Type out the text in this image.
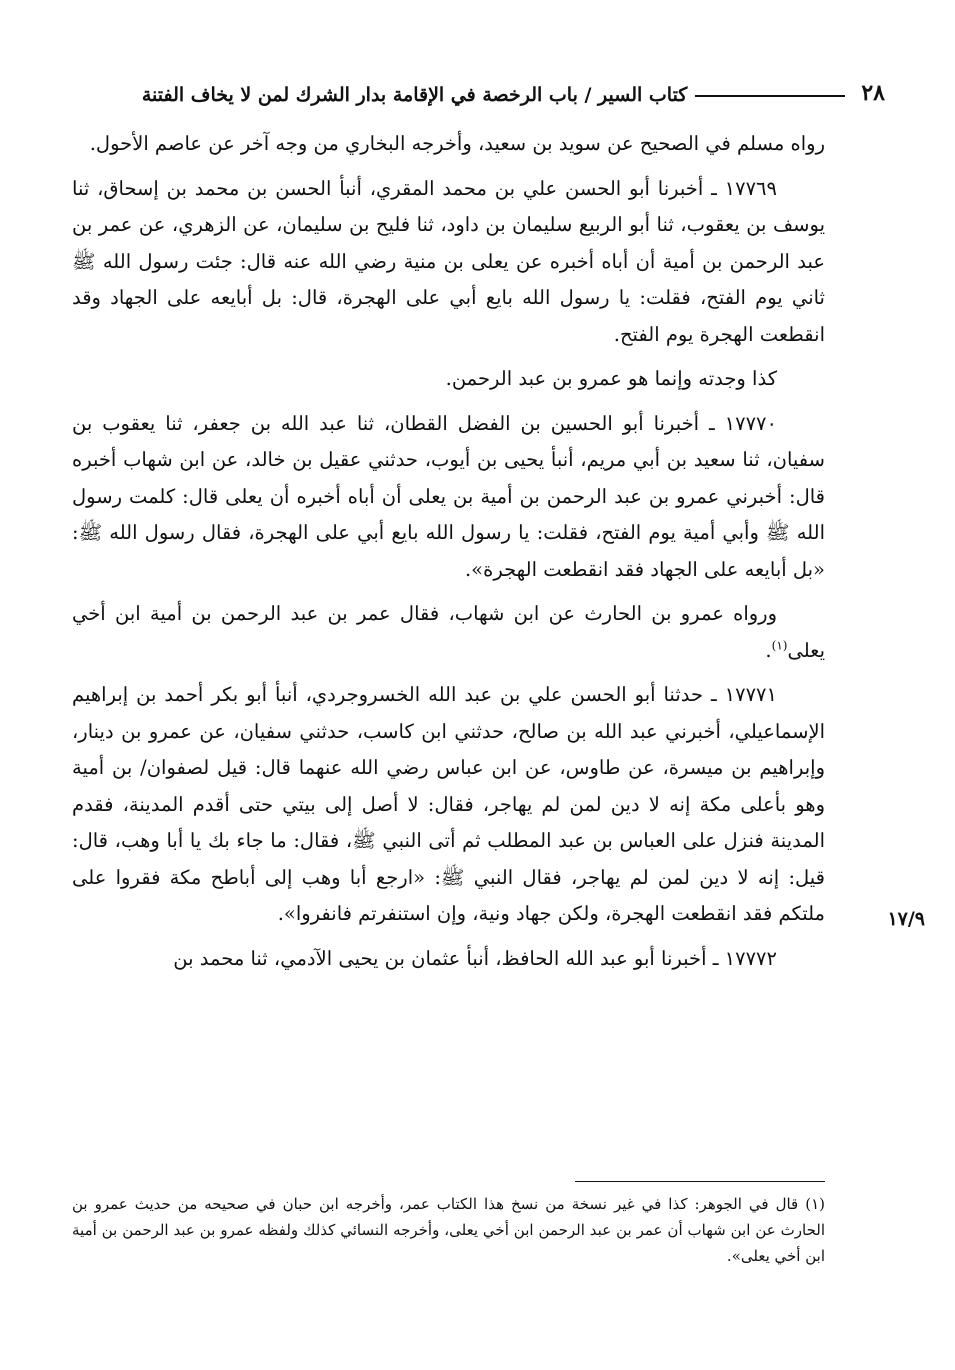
٢٨
كتاب السير / باب الرخصة في الإقامة بدار الشرك لمن لا يخاف الفتنة

رواه مسلم في الصحيح عن سويد بن سعيد، وأخرجه البخاري من وجه آخر عن عاصم الأحول.

١٧٧٦٩ ـ أخبرنا أبو الحسن علي بن محمد المقري، أنبأ الحسن بن محمد بن إسحاق، ثنا يوسف بن يعقوب، ثنا أبو الربيع سليمان بن داود، ثنا فليح بن سليمان، عن الزهري، عن عمر بن عبد الرحمن بن أمية أن أباه أخبره عن يعلى بن منية رضي الله عنه قال: جئت رسول الله ﷺ ثاني يوم الفتح، فقلت: يا رسول الله بايع أبي على الهجرة، قال: بل أبايعه على الجهاد وقد انقطعت الهجرة يوم الفتح.

كذا وجدته وإنما هو عمرو بن عبد الرحمن.

١٧٧٧٠ ـ أخبرنا أبو الحسين بن الفضل القطان، ثنا عبد الله بن جعفر، ثنا يعقوب بن سفيان، ثنا سعيد بن أبي مريم، أنبأ يحيى بن أيوب، حدثني عقيل بن خالد، عن ابن شهاب أخبره قال: أخبرني عمرو بن عبد الرحمن بن أمية بن يعلى أن أباه أخبره أن يعلى قال: كلمت رسول الله ﷺ وأبي أمية يوم الفتح، فقلت: يا رسول الله بايع أبي على الهجرة، فقال رسول الله ﷺ: «بل أبايعه على الجهاد فقد انقطعت الهجرة».

ورواه عمرو بن الحارث عن ابن شهاب، فقال عمر بن عبد الرحمن بن أمية ابن أخي يعلى$^{(١)}$.

١٧٧٧١ ـ حدثنا أبو الحسن علي بن عبد الله الخسروجردي، أنبأ أبو بكر أحمد بن إبراهيم الإسماعيلي، أخبرني عبد الله بن صالح، حدثني ابن كاسب، حدثني سفيان، عن عمرو بن دينار، وإبراهيم بن ميسرة، عن طاوس، عن ابن عباس رضي الله عنهما قال: قيل لصفوان/ بن أمية وهو بأعلى مكة إنه لا دين لمن لم يهاجر، فقال: لا أصل إلى بيتي حتى أقدم المدينة، فقدم المدينة فنزل على العباس بن عبد المطلب ثم أتى النبي ﷺ، فقال: ما جاء بك يا أبا وهب، قال: قيل: إنه لا دين لمن لم يهاجر، فقال النبي ﷺ: «ارجع أبا وهب إلى أباطح مكة فقروا على ملتكم فقد انقطعت الهجرة، ولكن جهاد ونية، وإن استنفرتم فانفروا».

١٧٧٧٢ ـ أخبرنا أبو عبد الله الحافظ، أنبأ عثمان بن يحيى الآدمي، ثنا محمد بن

١٧/٩

(١) قال في الجوهر: كذا في غير نسخة من نسخ هذا الكتاب عمر، وأخرجه ابن حبان في صحيحه من حديث عمرو بن الحارث عن ابن شهاب أن عمر بن عبد الرحمن ابن أخي يعلى، وأخرجه النسائي كذلك ولفظه عمرو بن عبد الرحمن بن أمية ابن أخي يعلى».
